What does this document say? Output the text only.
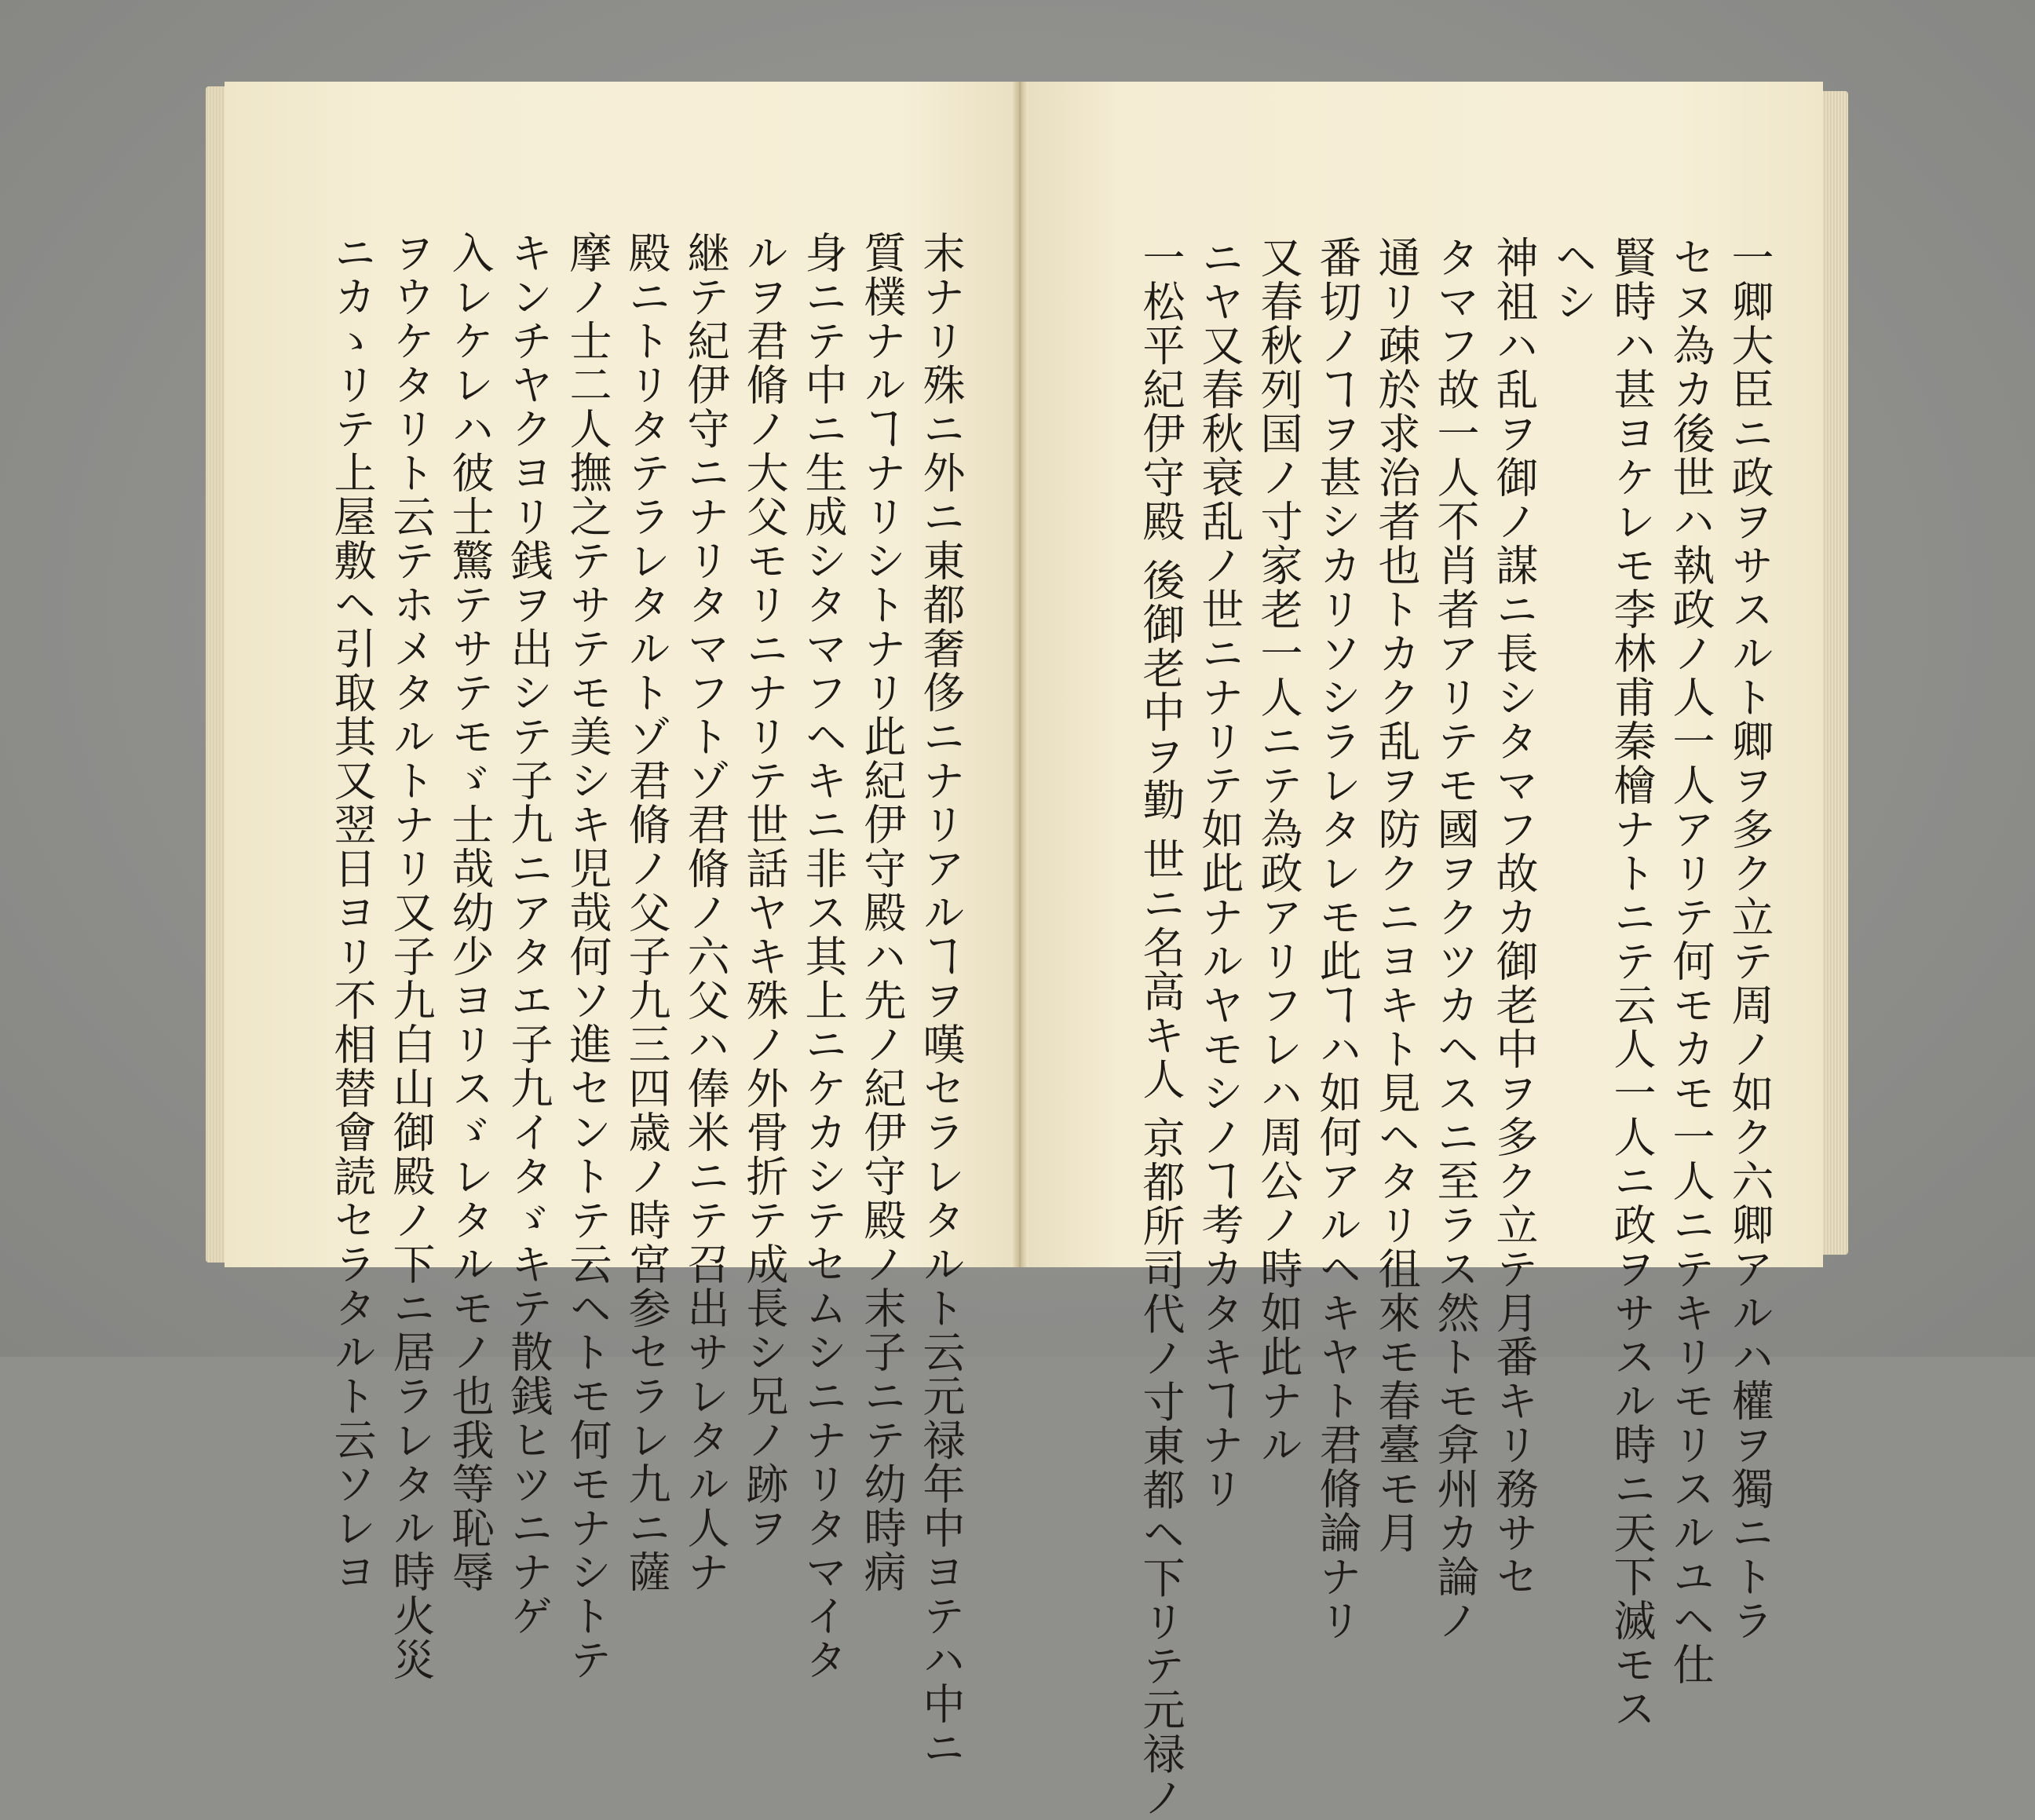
末ナリ殊ニ外ニ東都奢侈ニナリアルヿヲ嘆セラレタルト云元禄年中ヨテハ中ニ
質樸ナルヿナリシトナリ此紀伊守殿ハ先ノ紀伊守殿ノ末子ニテ幼時病
身ニテ中ニ生成シタマフヘキニ非ス其上ニケカシテセムシニナリタマイタ
ルヲ君脩ノ大父モリニナリテ世話ヤキ殊ノ外骨折テ成長シ兄ノ跡ヲ
継テ紀伊守ニナリタマフトゾ君脩ノ六父ハ俸米ニテ召出サレタル人ナ
殿ニトリタテラレタルトゾ君脩ノ父子九三四歳ノ時宮参セラレ九ニ薩
摩ノ士二人撫之テサテモ美シキ児哉何ソ進セントテ云ヘトモ何モナシトテ
キンチヤクヨリ銭ヲ出シテ子九ニアタエ子九イタゞキテ散銭ヒツニナゲ
入レケレハ彼士驚テサテモゞ士哉幼少ヨリスゞレタルモノ也我等恥辱
ヲウケタリト云テホメタルトナリ又子九白山御殿ノ下ニ居ラレタル時火災
ニカゝリテ上屋敷ヘ引取其又翌日ヨリ不相替會読セラタルト云ソレヨ	一卿大臣ニ政ヲサスルト卿ヲ多ク立テ周ノ如ク六卿アルハ權ヲ獨ニトラ
セヌ為カ後世ハ執政ノ人一人アリテ何モカモ一人ニテキリモリスルユヘ仕
賢時ハ甚ヨケレモ李林甫秦檜ナトニテ云人一人ニ政ヲサスル時ニ天下滅モス
ヘシ
神祖ハ乱ヲ御ノ謀ニ長シタマフ故カ御老中ヲ多ク立テ月番キリ務サセ
タマフ故一人不肖者アリテモ國ヲクツカヘスニ至ラス然トモ弇州カ論ノ
通リ疎於求治者也トカク乱ヲ防クニヨキト見ヘタリ徂來モ春臺モ月
番切ノヿヲ甚シカリソシラレタレモ此ヿハ如何アルヘキヤト君脩論ナリ
又春秋列国ノ寸家老一人ニテ為政アリフレハ周公ノ時如此ナル
ニヤ又春秋衰乱ノ世ニナリテ如此ナルヤモシノヿ考カタキヿナリ
一松平紀伊守殿 後御老中ヲ勤 世ニ名高キ人 京都所司代ノ寸東都ヘ下リテ元禄ノ
